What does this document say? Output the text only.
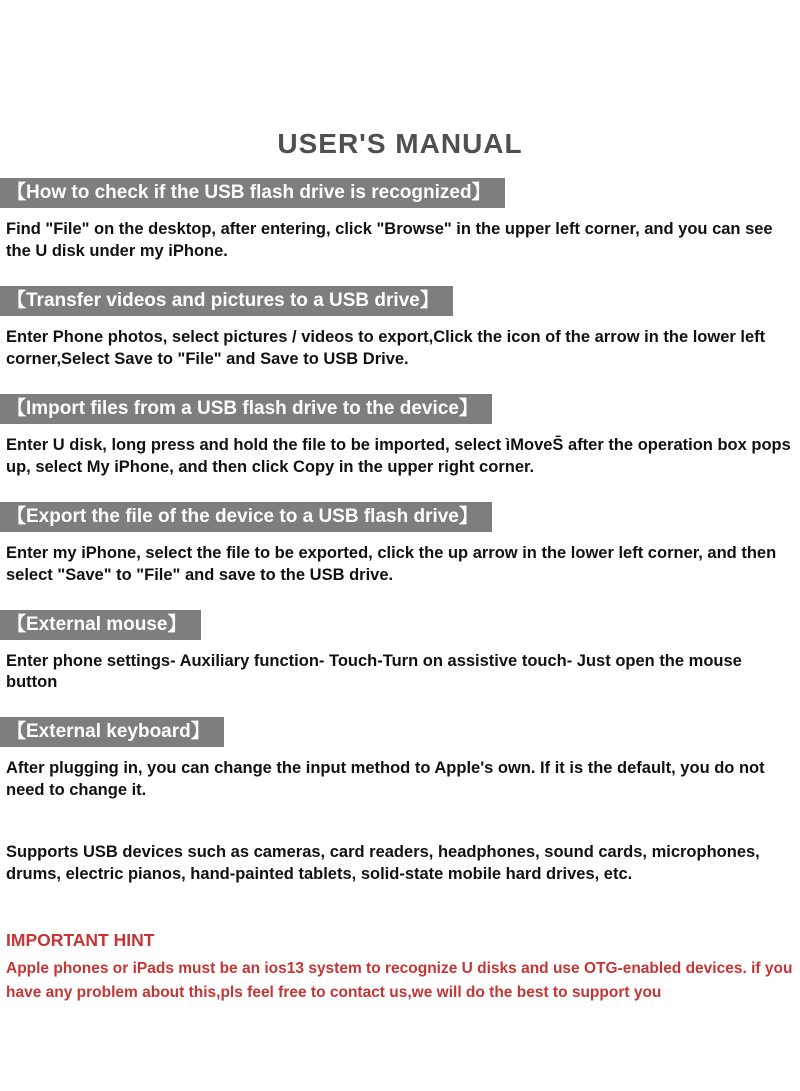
USER'S MANUAL
【How to check if the USB flash drive is recognized】

Find "File" on the desktop, after entering, click "Browse" in the upper left corner, and you can see the U disk under my iPhone.

【Transfer videos and pictures to a USB drive】

Enter Phone photos, select pictures / videos to export,Click the icon of the arrow in the lower left corner,Select Save to "File" and Save to USB Drive.

【Import files from a USB flash drive to the device】

Enter U disk, long press and hold the file to be imported, select ìMoveS̄ after the operation box pops up, select My iPhone, and then click Copy in the upper right corner.

【Export the file of the device to a USB flash drive】

Enter my iPhone, select the file to be exported, click the up arrow in the lower left corner, and then select "Save" to "File" and save to the USB drive.

【External mouse】

Enter phone settings- Auxiliary function- Touch-Turn on assistive touch- Just open the mouse button

【External keyboard】

After plugging in, you can change the input method to Apple's own. If it is the default, you do not need to change it.

Supports USB devices such as cameras, card readers, headphones, sound cards, microphones, drums, electric pianos, hand-painted tablets, solid-state mobile hard drives, etc.

IMPORTANT HINT

Apple phones or iPads must be an ios13 system to recognize U disks and use OTG-enabled devices. if you have any problem about this,pls feel free to contact us,we will do the best to support you
